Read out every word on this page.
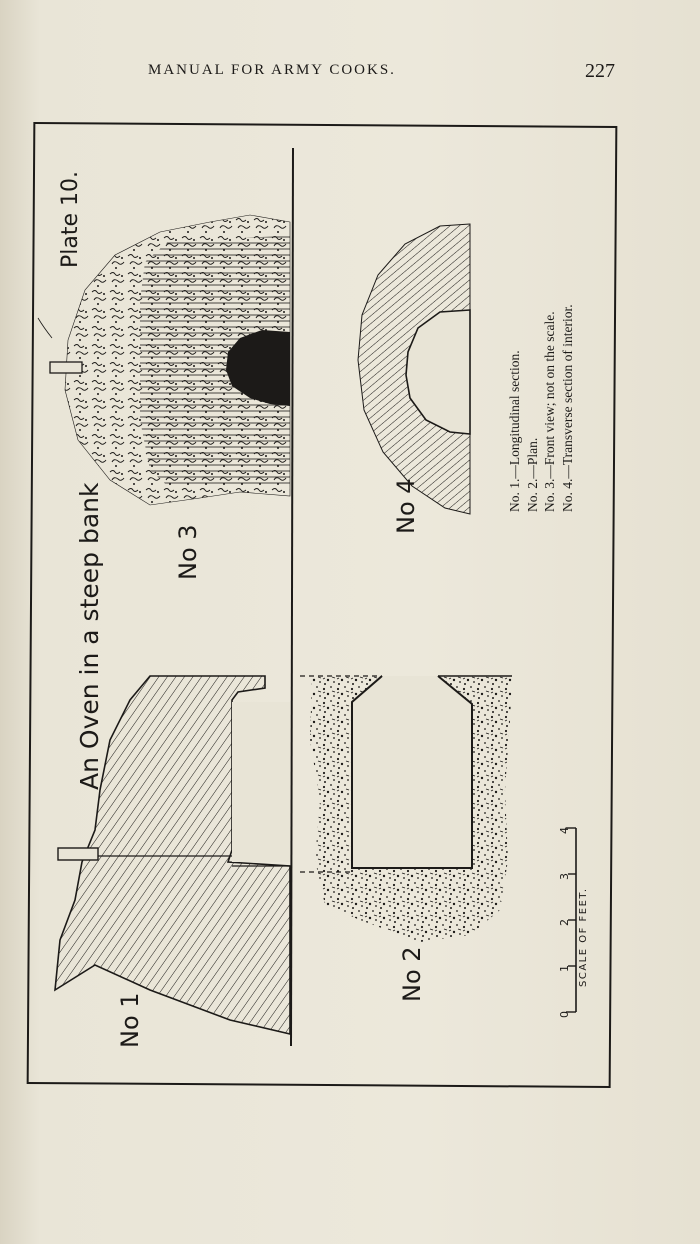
MANUAL FOR ARMY COOKS.	227
Plate 10.
An Oven in a steep bank
No 1
No 2
No 3
No 4	No. 1.—Longitudinal section. No. 2.—Plan. No. 3.—Front view; not on the scale. No. 4.—Transverse section of interior.
SCALE OF FEET.
0
1
2
3
4
